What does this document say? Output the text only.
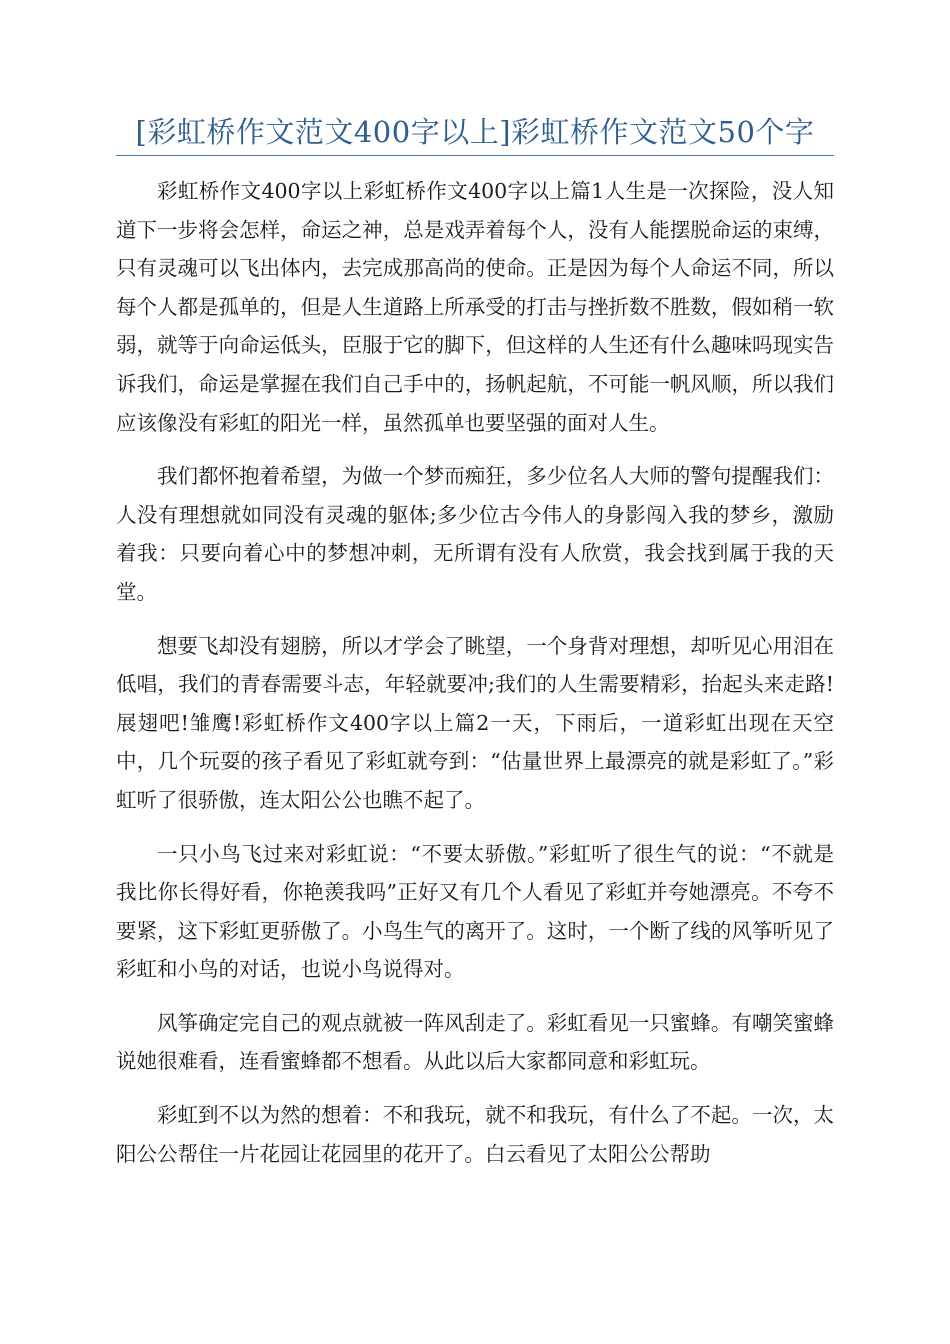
[彩虹桥作文范文400字以上]彩虹桥作文范文50个字

彩虹桥作文400字以上彩虹桥作文400字以上篇1人生是一次探险，没人知道下一步将会怎样，命运之神，总是戏弄着每个人，没有人能摆脱命运的束缚，只有灵魂可以飞出体内，去完成那高尚的使命。正是因为每个人命运不同，所以每个人都是孤单的，但是人生道路上所承受的打击与挫折数不胜数，假如稍一软弱，就等于向命运低头，臣服于它的脚下，但这样的人生还有什么趣味吗现实告诉我们，命运是掌握在我们自己手中的，扬帆起航，不可能一帆风顺，所以我们应该像没有彩虹的阳光一样，虽然孤单也要坚强的面对人生。

我们都怀抱着希望，为做一个梦而痴狂，多少位名人大师的警句提醒我们：人没有理想就如同没有灵魂的躯体;多少位古今伟人的身影闯入我的梦乡，激励着我：只要向着心中的梦想冲刺，无所谓有没有人欣赏，我会找到属于我的天堂。

想要飞却没有翅膀，所以才学会了眺望，一个身背对理想，却听见心用泪在低唱，我们的青春需要斗志，年轻就要冲;我们的人生需要精彩，抬起头来走路!展翅吧!雏鹰!彩虹桥作文400字以上篇2一天，下雨后，一道彩虹出现在天空中，几个玩耍的孩子看见了彩虹就夸到：“估量世界上最漂亮的就是彩虹了。”彩虹听了很骄傲，连太阳公公也瞧不起了。

一只小鸟飞过来对彩虹说：“不要太骄傲。”彩虹听了很生气的说：“不就是我比你长得好看，你艳羡我吗”正好又有几个人看见了彩虹并夸她漂亮。不夸不要紧，这下彩虹更骄傲了。小鸟生气的离开了。这时，一个断了线的风筝听见了彩虹和小鸟的对话，也说小鸟说得对。

风筝确定完自己的观点就被一阵风刮走了。彩虹看见一只蜜蜂。有嘲笑蜜蜂说她很难看，连看蜜蜂都不想看。从此以后大家都同意和彩虹玩。

彩虹到不以为然的想着：不和我玩，就不和我玩，有什么了不起。一次，太阳公公帮住一片花园让花园里的花开了。白云看见了太阳公公帮助
